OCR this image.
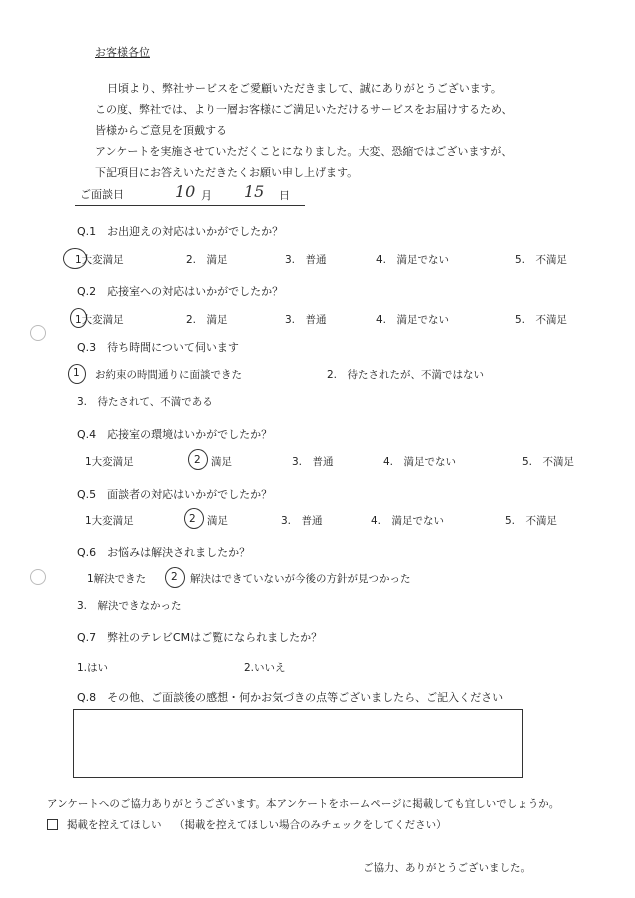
お客様各位
日頃より、弊社サービスをご愛顧いただきまして、誠にありがとうございます。
この度、弊社では、より一層お客様にご満足いただけるサービスをお届けするため、
皆様からご意見を頂戴する
アンケートを実施させていただくことになりました。大変、恐縮ではございますが、
下記項目にお答えいただきたくお願い申し上げます。
ご面談日	10 月 15 日
Q.1　お出迎えの対応はいかがでしたか？
1大変満足	2.　満足	3.　普通	4.　満足でない	5.　不満足
Q.2　応接室への対応はいかがでしたか？
1大変満足	2.　満足	3.　普通	4.　満足でない	5.　不満足
Q.3　待ち時間について伺います
1 お約束の時間通りに面談できた	2.　待たされたが、不満ではない
3.　待たされて、不満である
Q.4　応接室の環境はいかがでしたか？
1大変満足	2 満足	3.　普通	4.　満足でない	5.　不満足
Q.5　面談者の対応はいかがでしたか？
1大変満足	2 満足	3.　普通	4.　満足でない	5.　不満足
Q.6　お悩みは解決されましたか？
1解決できた 2 解決はできていないが今後の方針が見つかった
3.　解決できなかった
Q.7　弊社のテレビCMはご覧になられましたか？
1.はい	2.いいえ
Q.8　その他、ご面談後の感想・何かお気づきの点等ございましたら、ご記入ください
アンケートへのご協力ありがとうございます。本アンケートをホームページに掲載しても宜しいでしょうか。
掲載を控えてほしい （掲載を控えてほしい場合のみチェックをしてください）
ご協力、ありがとうございました。
